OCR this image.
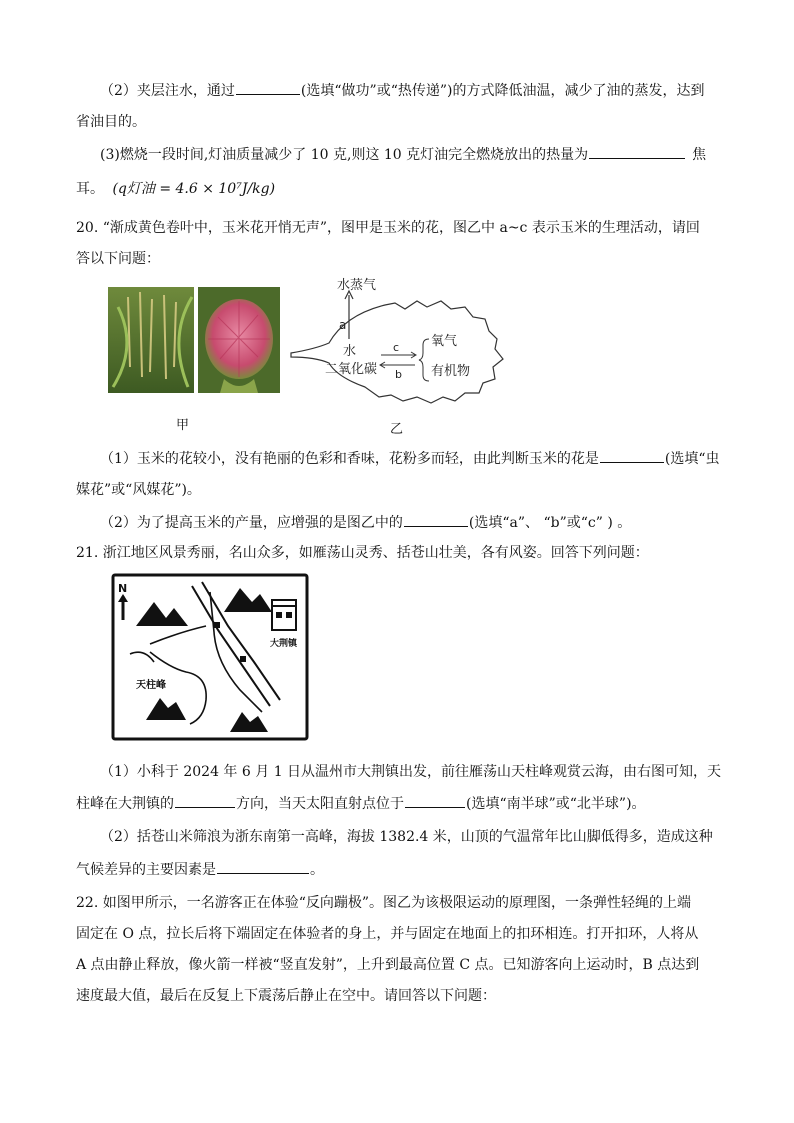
（2）夹层注水，通过	(选填“做功”或“热传递”)的方式降低油温，减少了油的蒸发，达到
省油目的。
(3)燃烧一段时间,灯油质量减少了 10 克,则这 10 克灯油完全燃烧放出的热量为	焦
耳。 (q灯油 = 4.6 × 10⁷J/kg)
20. “渐成黄色卷叶中，玉米花开悄无声”，图甲是玉米的花，图乙中 a~c 表示玉米的生理活动，请回
答以下问题：
甲
水蒸气
a
水
二氧化碳
c
b
氧气
有机物
乙
（1）玉米的花较小，没有艳丽的色彩和香味，花粉多而轻，由此判断玉米的花是	(选填“虫
媒花”或“风媒花”)。
（2）为了提高玉米的产量，应增强的是图乙中的	(选填“a”、 “b”或“c” ) 。
21. 浙江地区风景秀丽，名山众多，如雁荡山灵秀、括苍山壮美，各有风姿。回答下列问题：
N
大荆镇
天柱峰
（1）小科于 2024 年 6 月 1 日从温州市大荆镇出发，前往雁荡山天柱峰观赏云海，由右图可知，天
柱峰在大荆镇的	方向，当天太阳直射点位于	(选填“南半球”或“北半球”)。
（2）括苍山米筛浪为浙东南第一高峰，海拔 1382.4 米，山顶的气温常年比山脚低得多，造成这种
气候差异的主要因素是	。
22. 如图甲所示，一名游客正在体验“反向蹦极”。图乙为该极限运动的原理图，一条弹性轻绳的上端
固定在 O 点，拉长后将下端固定在体验者的身上，并与固定在地面上的扣环相连。打开扣环，人将从
A 点由静止释放，像火箭一样被“竖直发射”，上升到最高位置 C 点。已知游客向上运动时，B 点达到
速度最大值，最后在反复上下震荡后静止在空中。请回答以下问题：
